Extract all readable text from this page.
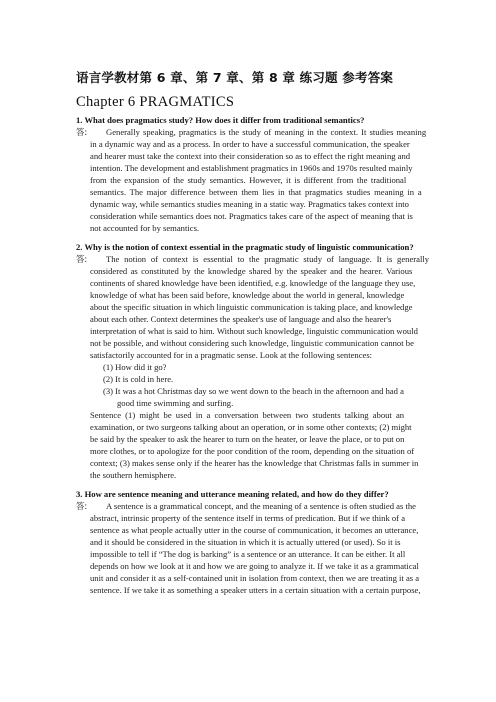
语言学教材第 6 章、第 7 章、第 8 章 练习题 参考答案
Chapter 6 PRAGMATICS
1. What does pragmatics study? How does it differ from traditional semantics?
答: Generally speaking, pragmatics is the study of meaning in the context. It studies meaning
in a dynamic way and as a process. In order to have a successful communication, the speaker
and hearer must take the context into their consideration so as to effect the right meaning and
intention. The development and establishment pragmatics in 1960s and 1970s resulted mainly
from the expansion of the study semantics. However, it is different from the traditional
semantics. The major difference between them lies in that pragmatics studies meaning in a
dynamic way, while semantics studies meaning in a static way. Pragmatics takes context into
consideration while semantics does not. Pragmatics takes care of the aspect of meaning that is
not accounted for by semantics.
2. Why is the notion of context essential in the pragmatic study of linguistic communication?
答: The notion of context is essential to the pragmatic study of language. It is generally
considered as constituted by the knowledge shared by the speaker and the hearer. Various
continents of shared knowledge have been identified, e.g. knowledge of the language they use,
knowledge of what has been said before, knowledge about the world in general, knowledge
about the specific situation in which linguistic communication is taking place, and knowledge
about each other. Context determines the speaker's use of language and also the hearer's
interpretation of what is said to him. Without such knowledge, linguistic communication would
not be possible, and without considering such knowledge, linguistic communication cannot be
satisfactorily accounted for in a pragmatic sense. Look at the following sentences:
(1) How did it go?
(2) It is cold in here.
(3) It was a hot Christmas day so we went down to the beach in the afternoon and had a
good time swimming and surfing.
Sentence (1) might be used in a conversation between two students talking about an
examination, or two surgeons talking about an operation, or in some other contexts; (2) might
be said by the speaker to ask the hearer to turn on the heater, or leave the place, or to put on
more clothes, or to apologize for the poor condition of the room, depending on the situation of
context; (3) makes sense only if the hearer has the knowledge that Christmas falls in summer in
the southern hemisphere.
3. How are sentence meaning and utterance meaning related, and how do they differ?
答: A sentence is a grammatical concept, and the meaning of a sentence is often studied as the
abstract, intrinsic property of the sentence itself in terms of predication. But if we think of a
sentence as what people actually utter in the course of communication, it becomes an utterance,
and it should be considered in the situation in which it is actually uttered (or used). So it is
impossible to tell if “The dog is barking” is a sentence or an utterance. It can be either. It all
depends on how we look at it and how we are going to analyze it. If we take it as a grammatical
unit and consider it as a self-contained unit in isolation from context, then we are treating it as a
sentence. If we take it as something a speaker utters in a certain situation with a certain purpose,
